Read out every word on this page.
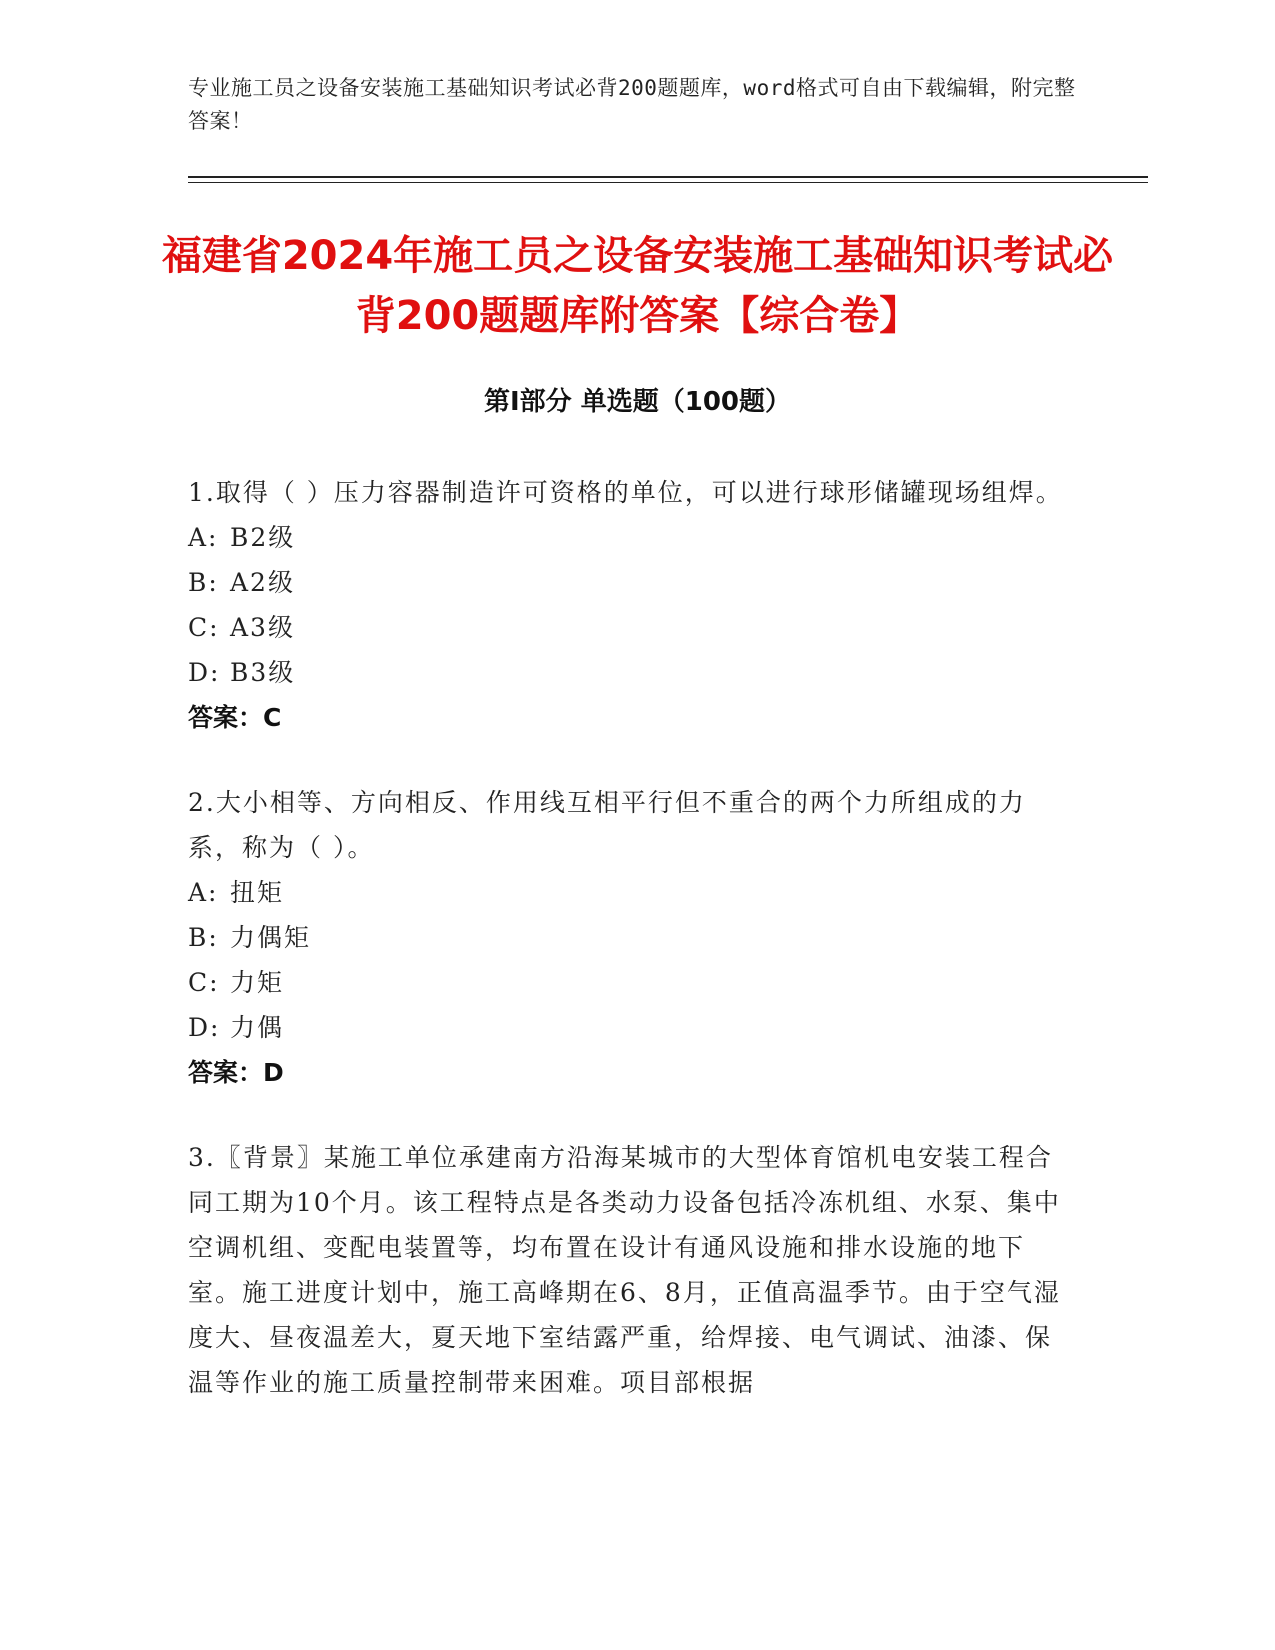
专业施工员之设备安装施工基础知识考试必背200题题库，word格式可自由下载编辑，附完整答案！
福建省2024年施工员之设备安装施工基础知识考试必背200题题库附答案【综合卷】
第Ⅰ部分 单选题（100题）
1.取得（ ）压力容器制造许可资格的单位，可以进行球形储罐现场组焊。
A: B2级
B: A2级
C: A3级
D: B3级
答案：C
2.大小相等、方向相反、作用线互相平行但不重合的两个力所组成的力系，称为（ ）。
A: 扭矩
B: 力偶矩
C: 力矩
D: 力偶
答案：D
3.〖背景〗某施工单位承建南方沿海某城市的大型体育馆机电安装工程合同工期为10个月。该工程特点是各类动力设备包括冷冻机组、水泵、集中空调机组、变配电装置等，均布置在设计有通风设施和排水设施的地下室。施工进度计划中，施工高峰期在6、8月，正值高温季节。由于空气湿度大、昼夜温差大，夏天地下室结露严重，给焊接、电气调试、油漆、保温等作业的施工质量控制带来困难。项目部根据
